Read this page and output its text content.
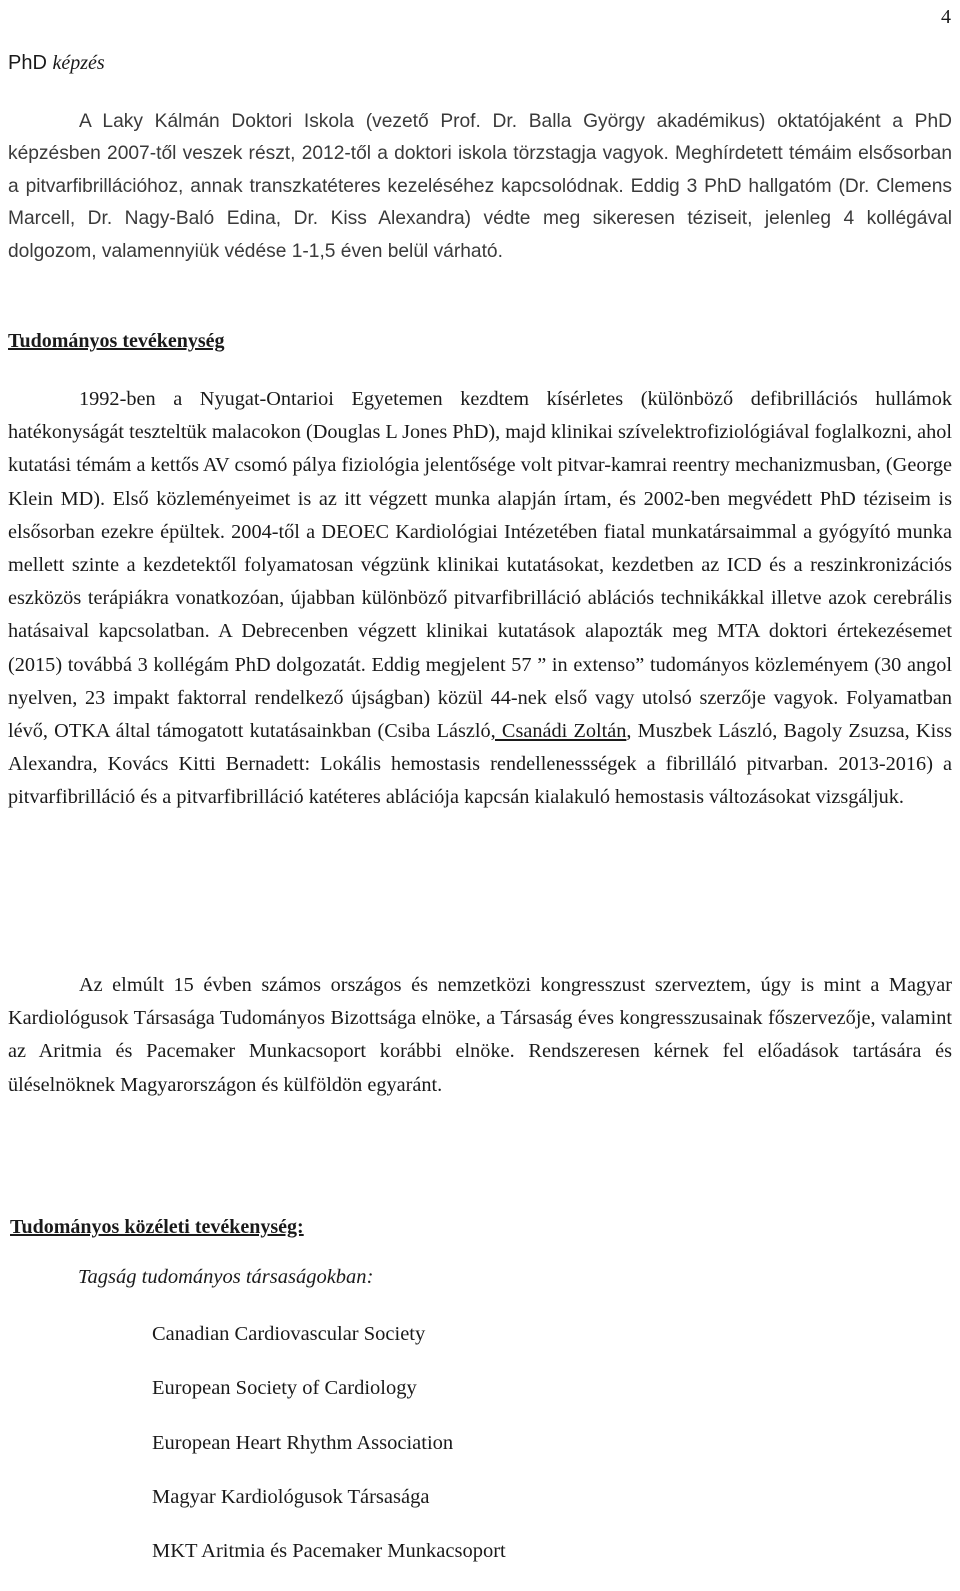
4
PhD képzés

A Laky Kálmán Doktori Iskola (vezető Prof. Dr. Balla György akadémikus) oktatójaként a PhD képzésben 2007-től veszek részt, 2012-től a doktori iskola törzstagja vagyok. Meghírdetett témáim elsősorban a pitvarfibrillációhoz, annak transzkatéteres kezeléséhez kapcsolódnak. Eddig 3 PhD hallgatóm (Dr. Clemens Marcell, Dr. Nagy-Baló Edina, Dr. Kiss Alexandra) védte meg sikeresen téziseit, jelenleg 4 kollégával dolgozom, valamennyiük védése 1-1,5 éven belül várható.

Tudományos tevékenység

1992-ben a Nyugat-Ontarioi Egyetemen kezdtem kísérletes (különböző defibrillációs hullámok hatékonyságát teszteltük malacokon (Douglas L Jones PhD), majd klinikai szívelektrofiziológiával foglalkozni, ahol kutatási témám a kettős AV csomó pálya fiziológia jelentősége volt pitvar-kamrai reentry mechanizmusban, (George Klein MD). Első közleményeimet is az itt végzett munka alapján írtam, és 2002-ben megvédett PhD téziseim is elsősorban ezekre épültek. 2004-től a DEOEC Kardiológiai Intézetében fiatal munkatársaimmal a gyógyító munka mellett szinte a kezdetektől folyamatosan végzünk klinikai kutatásokat, kezdetben az ICD és a reszinkronizációs eszközös terápiákra vonatkozóan, újabban különböző pitvarfibrilláció ablációs technikákkal illetve azok cerebrális hatásaival kapcsolatban. A Debrecenben végzett klinikai kutatások alapozták meg MTA doktori értekezésemet (2015) továbbá 3 kollégám PhD dolgozatát. Eddig megjelent 57 ” in extenso” tudományos közleményem (30 angol nyelven, 23 impakt faktorral rendelkező újságban) közül 44-nek első vagy utolsó szerzője vagyok. Folyamatban lévő, OTKA által támogatott kutatásainkban (Csiba László, Csanádi Zoltán, Muszbek László, Bagoly Zsuzsa, Kiss Alexandra, Kovács Kitti Bernadett: Lokális hemostasis rendellenessségek a fibrilláló pitvarban. 2013-2016) a pitvarfibrilláció és a pitvarfibrilláció katéteres ablációja kapcsán kialakuló hemostasis változásokat vizsgáljuk.

Az elmúlt 15 évben számos országos és nemzetközi kongresszust szerveztem, úgy is mint a Magyar Kardiológusok Társasága Tudományos Bizottsága elnöke, a Társaság éves kongresszusainak főszervezője, valamint az Aritmia és Pacemaker Munkacsoport korábbi elnöke. Rendszeresen kérnek fel előadások tartására és üléselnöknek Magyarországon és külföldön egyaránt.

Tudományos közéleti tevékenység:

Tagság tudományos társaságokban:

Canadian Cardiovascular Society
European Society of Cardiology
European Heart Rhythm Association
Magyar Kardiológusok Társasága
MKT Aritmia és Pacemaker Munkacsoport
